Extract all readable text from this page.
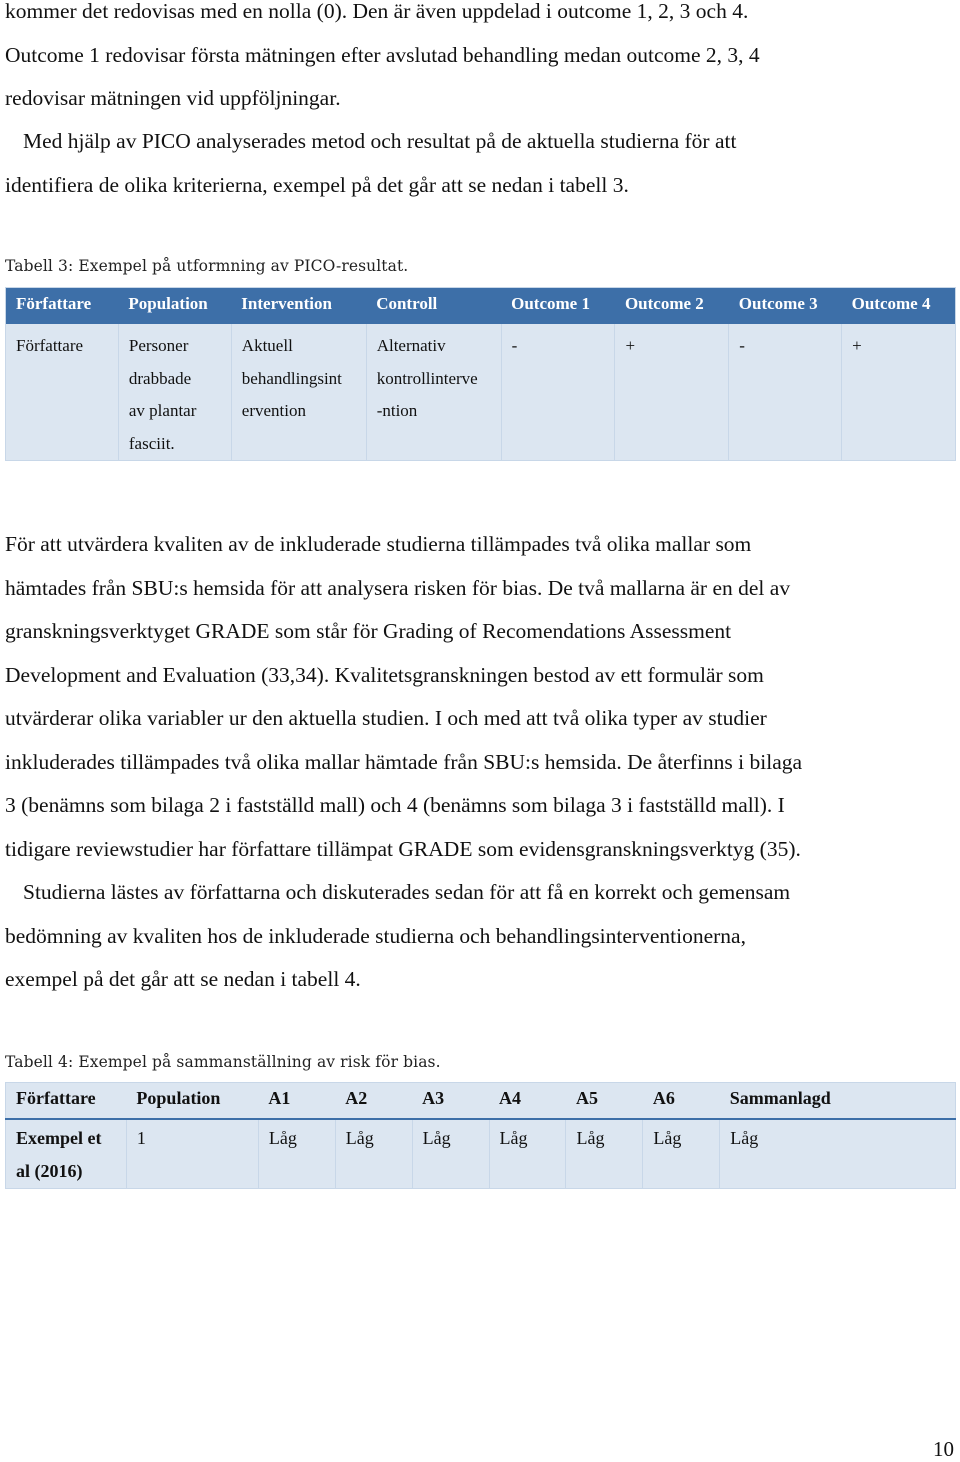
kommer det redovisas med en nolla (0). Den är även uppdelad i outcome 1, 2, 3 och 4.
Outcome 1 redovisar första mätningen efter avslutad behandling medan outcome 2, 3, 4
redovisar mätningen vid uppföljningar.
Med hjälp av PICO analyserades metod och resultat på de aktuella studierna för att
identifiera de olika kriterierna, exempel på det går att se nedan i tabell 3.

Tabell 3: Exempel på utformning av PICO-resultat.

Författare	Population	Intervention	Controll	Outcome 1	Outcome 2	Outcome 3	Outcome 4

Författare	Personer
drabbade
av plantar
fasciit.	Aktuell
behandlingsint
ervention	Alternativ
kontrollinterve
-ntion	-	+	-	+
För att utvärdera kvaliten av de inkluderade studierna tillämpades två olika mallar som
hämtades från SBU:s hemsida för att analysera risken för bias. De två mallarna är en del av
granskningsverktyget GRADE som står för Grading of Recomendations Assessment
Development and Evaluation (33,34). Kvalitetsgranskningen bestod av ett formulär som
utvärderar olika variabler ur den aktuella studien. I och med att två olika typer av studier
inkluderades tillämpades två olika mallar hämtade från SBU:s hemsida. De återfinns i bilaga
3 (benämns som bilaga 2 i fastställd mall) och 4 (benämns som bilaga 3 i fastställd mall). I
tidigare reviewstudier har författare tillämpat GRADE som evidensgranskningsverktyg (35).
Studierna lästes av författarna och diskuterades sedan för att få en korrekt och gemensam
bedömning av kvaliten hos de inkluderade studierna och behandlingsinterventionerna,
exempel på det går att se nedan i tabell 4.

Tabell 4: Exempel på sammanställning av risk för bias.

Författare	Population	A1	A2	A3	A4	A5	A6	Sammanlagd

Exempel et
al (2016)	1	Låg	Låg	Låg	Låg	Låg	Låg	Låg
10
